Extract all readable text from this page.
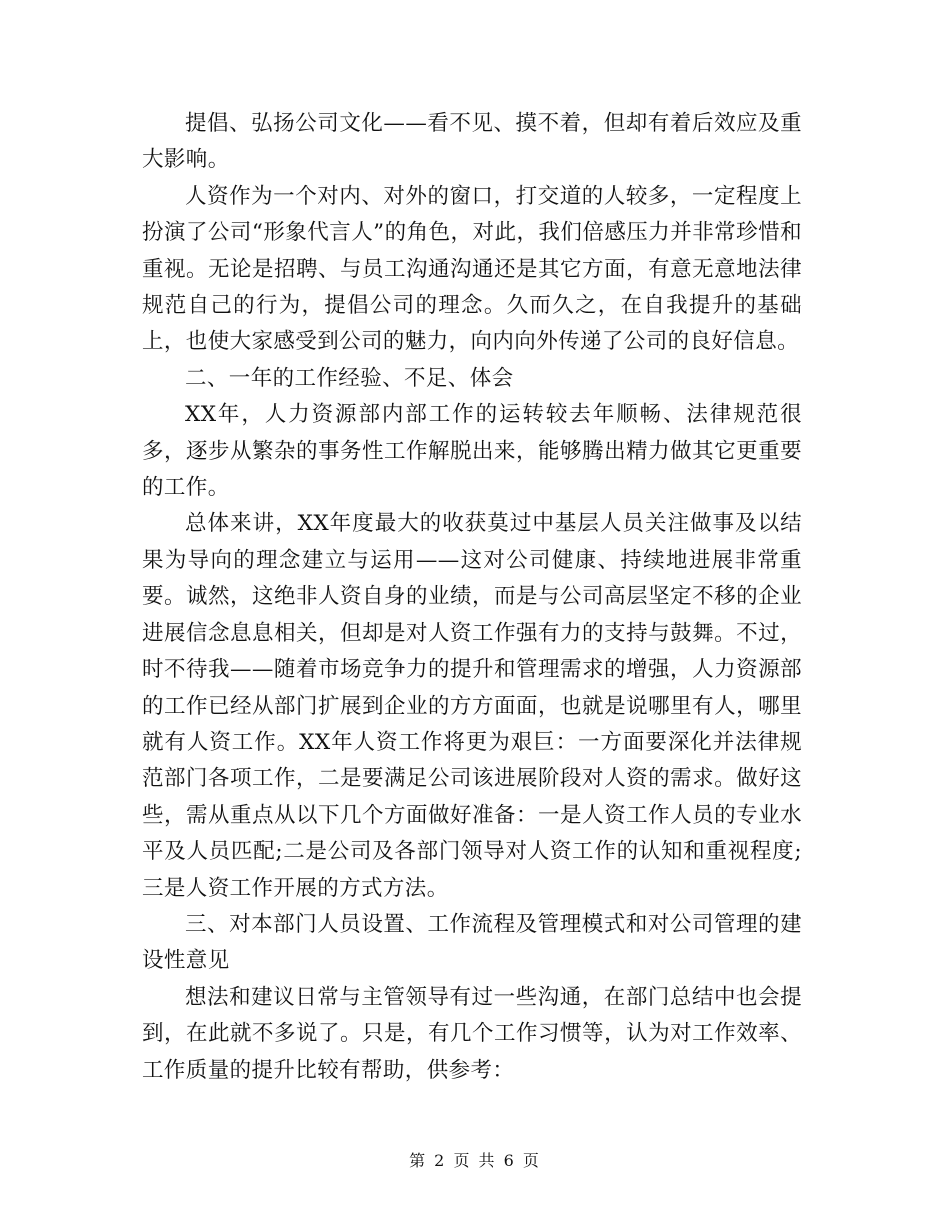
提倡、弘扬公司文化——看不见、摸不着，但却有着后效应及重大影响。

人资作为一个对内、对外的窗口，打交道的人较多，一定程度上扮演了公司“形象代言人”的角色，对此，我们倍感压力并非常珍惜和重视。无论是招聘、与员工沟通沟通还是其它方面，有意无意地法律规范自己的行为，提倡公司的理念。久而久之，在自我提升的基础上，也使大家感受到公司的魅力，向内向外传递了公司的良好信息。

二、一年的工作经验、不足、体会

XX年，人力资源部内部工作的运转较去年顺畅、法律规范很多，逐步从繁杂的事务性工作解脱出来，能够腾出精力做其它更重要的工作。

总体来讲，XX年度最大的收获莫过中基层人员关注做事及以结果为导向的理念建立与运用——这对公司健康、持续地进展非常重要。诚然，这绝非人资自身的业绩，而是与公司高层坚定不移的企业进展信念息息相关，但却是对人资工作强有力的支持与鼓舞。不过，时不待我——随着市场竞争力的提升和管理需求的增强，人力资源部的工作已经从部门扩展到企业的方方面面，也就是说哪里有人，哪里就有人资工作。XX年人资工作将更为艰巨：一方面要深化并法律规范部门各项工作，二是要满足公司该进展阶段对人资的需求。做好这些，需从重点从以下几个方面做好准备：一是人资工作人员的专业水平及人员匹配;二是公司及各部门领导对人资工作的认知和重视程度;三是人资工作开展的方式方法。

三、对本部门人员设置、工作流程及管理模式和对公司管理的建设性意见

想法和建议日常与主管领导有过一些沟通，在部门总结中也会提到，在此就不多说了。只是，有几个工作习惯等，认为对工作效率、工作质量的提升比较有帮助，供参考：

第 2 页 共 6 页
